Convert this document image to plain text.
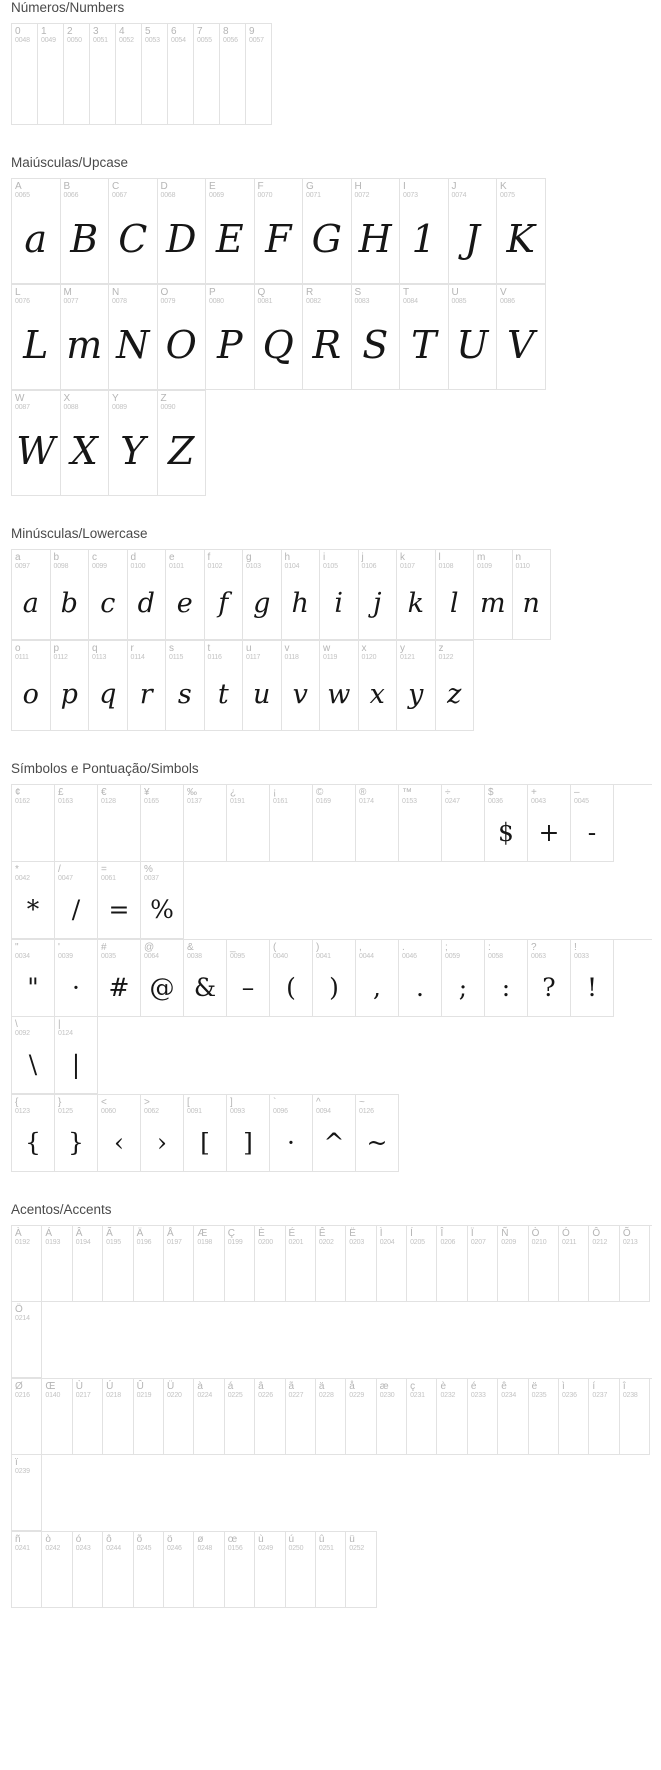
Números/Numbers
0
0048
1
0049
2
0050
3
0051
4
0052
5
0053
6
0054
7
0055
8
0056
9
0057
Maiúsculas/Upcase
A
0065
a
B
0066
B
C
0067
C
D
0068
D
E
0069
E
F
0070
F
G
0071
G
H
0072
H
I
0073
1
J
0074
J
K
0075
K
L
0076
L
M
0077
m
N
0078
N
O
0079
O
P
0080
P
Q
0081
Q
R
0082
R
S
0083
S
T
0084
T
U
0085
U
V
0086
V
W
0087
W
X
0088
X
Y
0089
Y
Z
0090
Z
Minúsculas/Lowercase
a
0097
a
b
0098
b
c
0099
c
d
0100
d
e
0101
e
f
0102
f
g
0103
g
h
0104
h
i
0105
i
j
0106
j
k
0107
k
l
0108
l
m
0109
m
n
0110
n
o
0111
o
p
0112
p
q
0113
q
r
0114
r
s
0115
s
t
0116
t
u
0117
u
v
0118
v
w
0119
w
x
0120
x
y
0121
y
z
0122
z
Símbolos e Pontuação/Simbols
¢
0162
£
0163
€
0128
¥
0165
‰
0137
¿
0191
¡
0161
©
0169
®
0174
™
0153
÷
0247
$
0036
$
+
0043
+
–
0045
-
*
0042
*
/
0047
/
=
0061
=
%
0037
%
"
0034
"
'
0039
·
#
0035
#
@
0064
@
&
0038
&
_
0095
–
(
0040
(
)
0041
)
,
0044
,
.
0046
.
;
0059
;
:
0058
:
?
0063
?
!
0033
!
\
0092
\
|
0124
|
{
0123
{
}
0125
}
<
0060
‹
>
0062
›
[
0091
[
]
0093
]
`
0096
·
^
0094
^
~
0126
~
Acentos/Accents
À
0192
Á
0193
Â
0194
Ã
0195
Ä
0196
Å
0197
Æ
0198
Ç
0199
È
0200
É
0201
Ê
0202
Ë
0203
Ì
0204
Í
0205
Î
0206
Ï
0207
Ñ
0209
Ò
0210
Ó
0211
Ô
0212
Õ
0213
Ö
0214
Ø
0216
Œ
0140
Ù
0217
Ú
0218
Û
0219
Ü
0220
à
0224
á
0225
â
0226
ã
0227
ä
0228
å
0229
æ
0230
ç
0231
è
0232
é
0233
ê
0234
ë
0235
ì
0236
í
0237
î
0238
ï
0239
ñ
0241
ò
0242
ó
0243
ô
0244
õ
0245
ö
0246
ø
0248
œ
0156
ù
0249
ú
0250
û
0251
ü
0252
